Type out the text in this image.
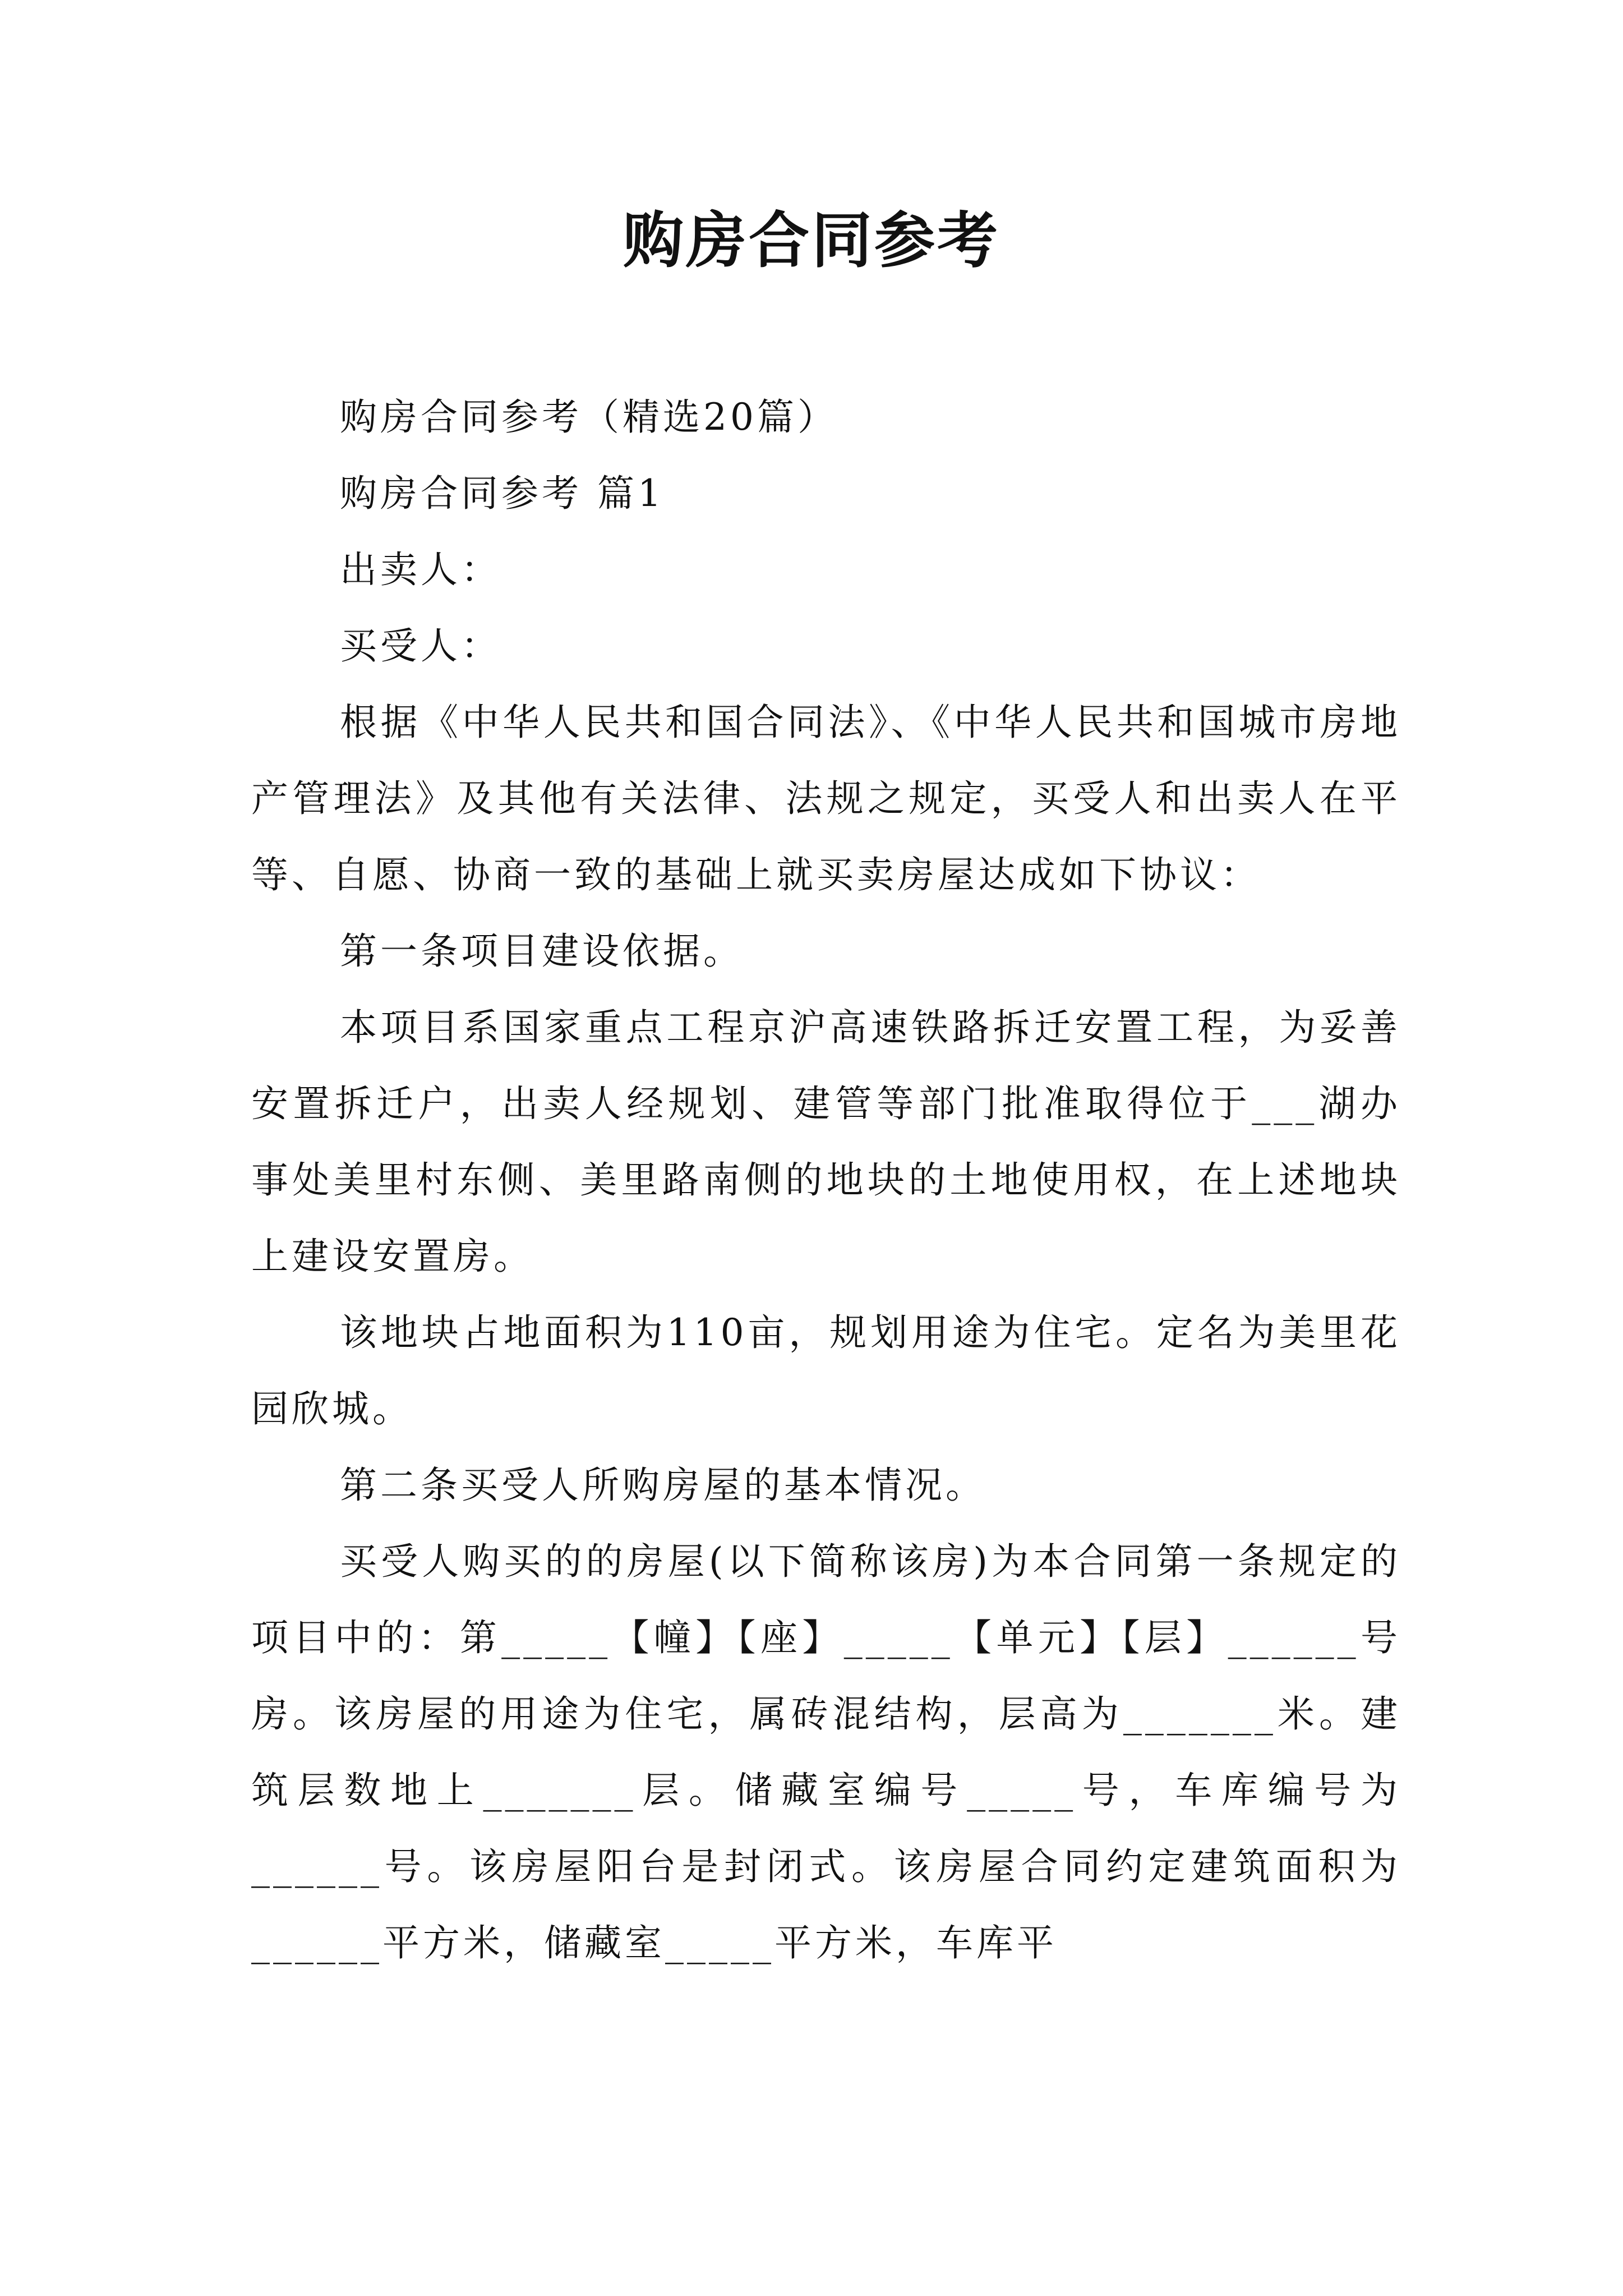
购房合同参考

购房合同参考（精选20篇）

购房合同参考 篇1

出卖人：

买受人：

根据《中华人民共和国合同法》、《中华人民共和国城市房地产管理法》及其他有关法律、法规之规定，买受人和出卖人在平等、自愿、协商一致的基础上就买卖房屋达成如下协议：

第一条项目建设依据。

本项目系国家重点工程京沪高速铁路拆迁安置工程，为妥善安置拆迁户，出卖人经规划、建管等部门批准取得位于___湖办事处美里村东侧、美里路南侧的地块的土地使用权，在上述地块上建设安置房。

该地块占地面积为110亩，规划用途为住宅。定名为美里花园欣城。

第二条买受人所购房屋的基本情况。

买受人购买的的房屋(以下简称该房)为本合同第一条规定的项目中的：第_____【幢】【座】_____【单元】【层】______号房。该房屋的用途为住宅，属砖混结构，层高为_______米。建筑层数地上_______层。储藏室编号_____号，车库编号为______号。该房屋阳台是封闭式。该房屋合同约定建筑面积为______平方米，储藏室_____平方米，车库平
